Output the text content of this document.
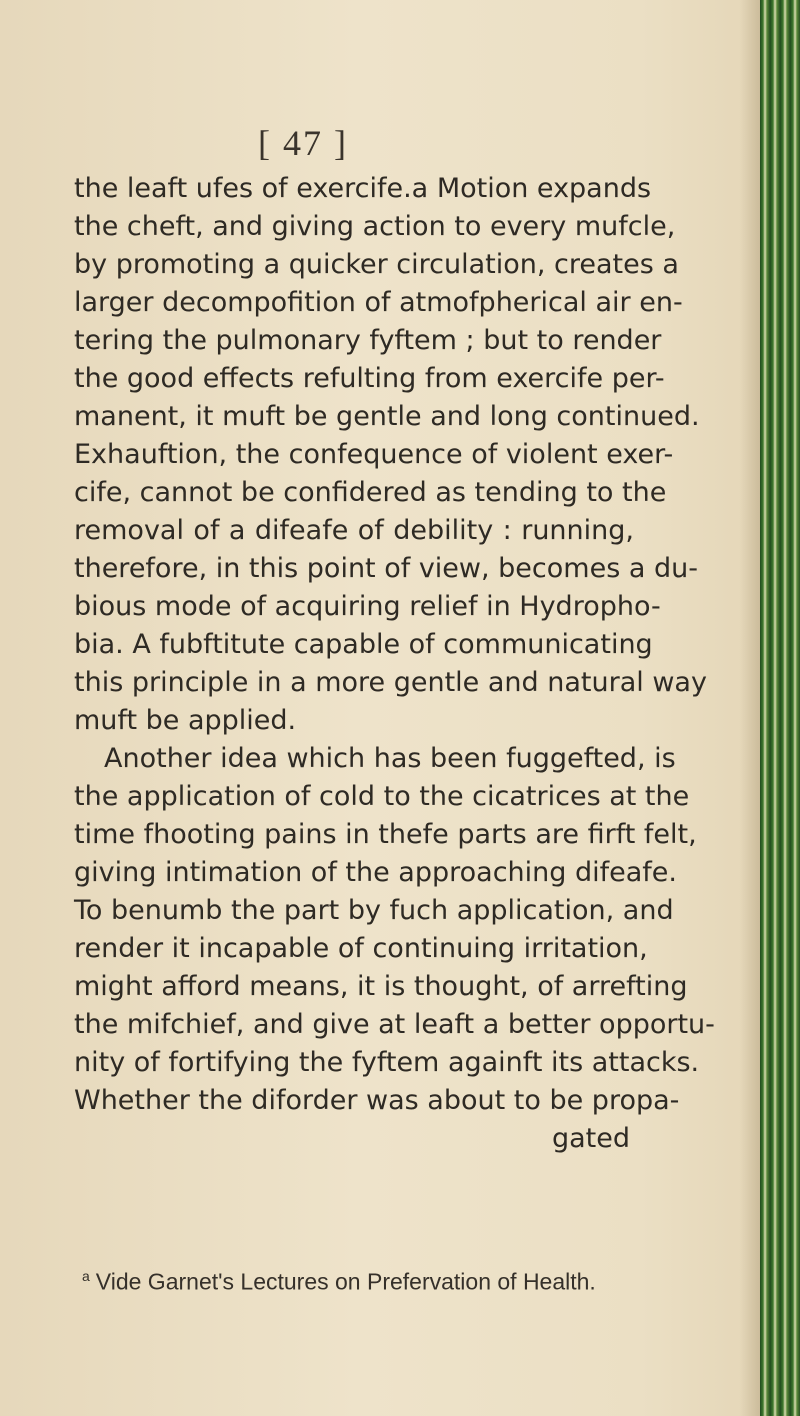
[ 47 ]
the leaft ufes of exercife.a Motion expands
the cheft, and giving action to every mufcle,
by promoting a quicker circulation, creates a
larger decompofition of atmofpherical air en-
tering the pulmonary fyftem ; but to render
the good effects refulting from exercife per-
manent, it muft be gentle and long continued.
Exhauftion, the confequence of violent exer-
cife, cannot be confidered as tending to the
removal of a difeafe of debility : running,
therefore, in this point of view, becomes a du-
bious mode of acquiring relief in Hydropho-
bia. A fubftitute capable of communicating
this principle in a more gentle and natural way
muft be applied.
Another idea which has been fuggefted, is
the application of cold to the cicatrices at the
time fhooting pains in thefe parts are firft felt,
giving intimation of the approaching difeafe.
To benumb the part by fuch application, and
render it incapable of continuing irritation,
might afford means, it is thought, of arrefting
the mifchief, and give at leaft a better opportu-
nity of fortifying the fyftem againft its attacks.
Whether the diforder was about to be propa-
gated
$^a$ Vide Garnet's Lectures on Prefervation of Health.
